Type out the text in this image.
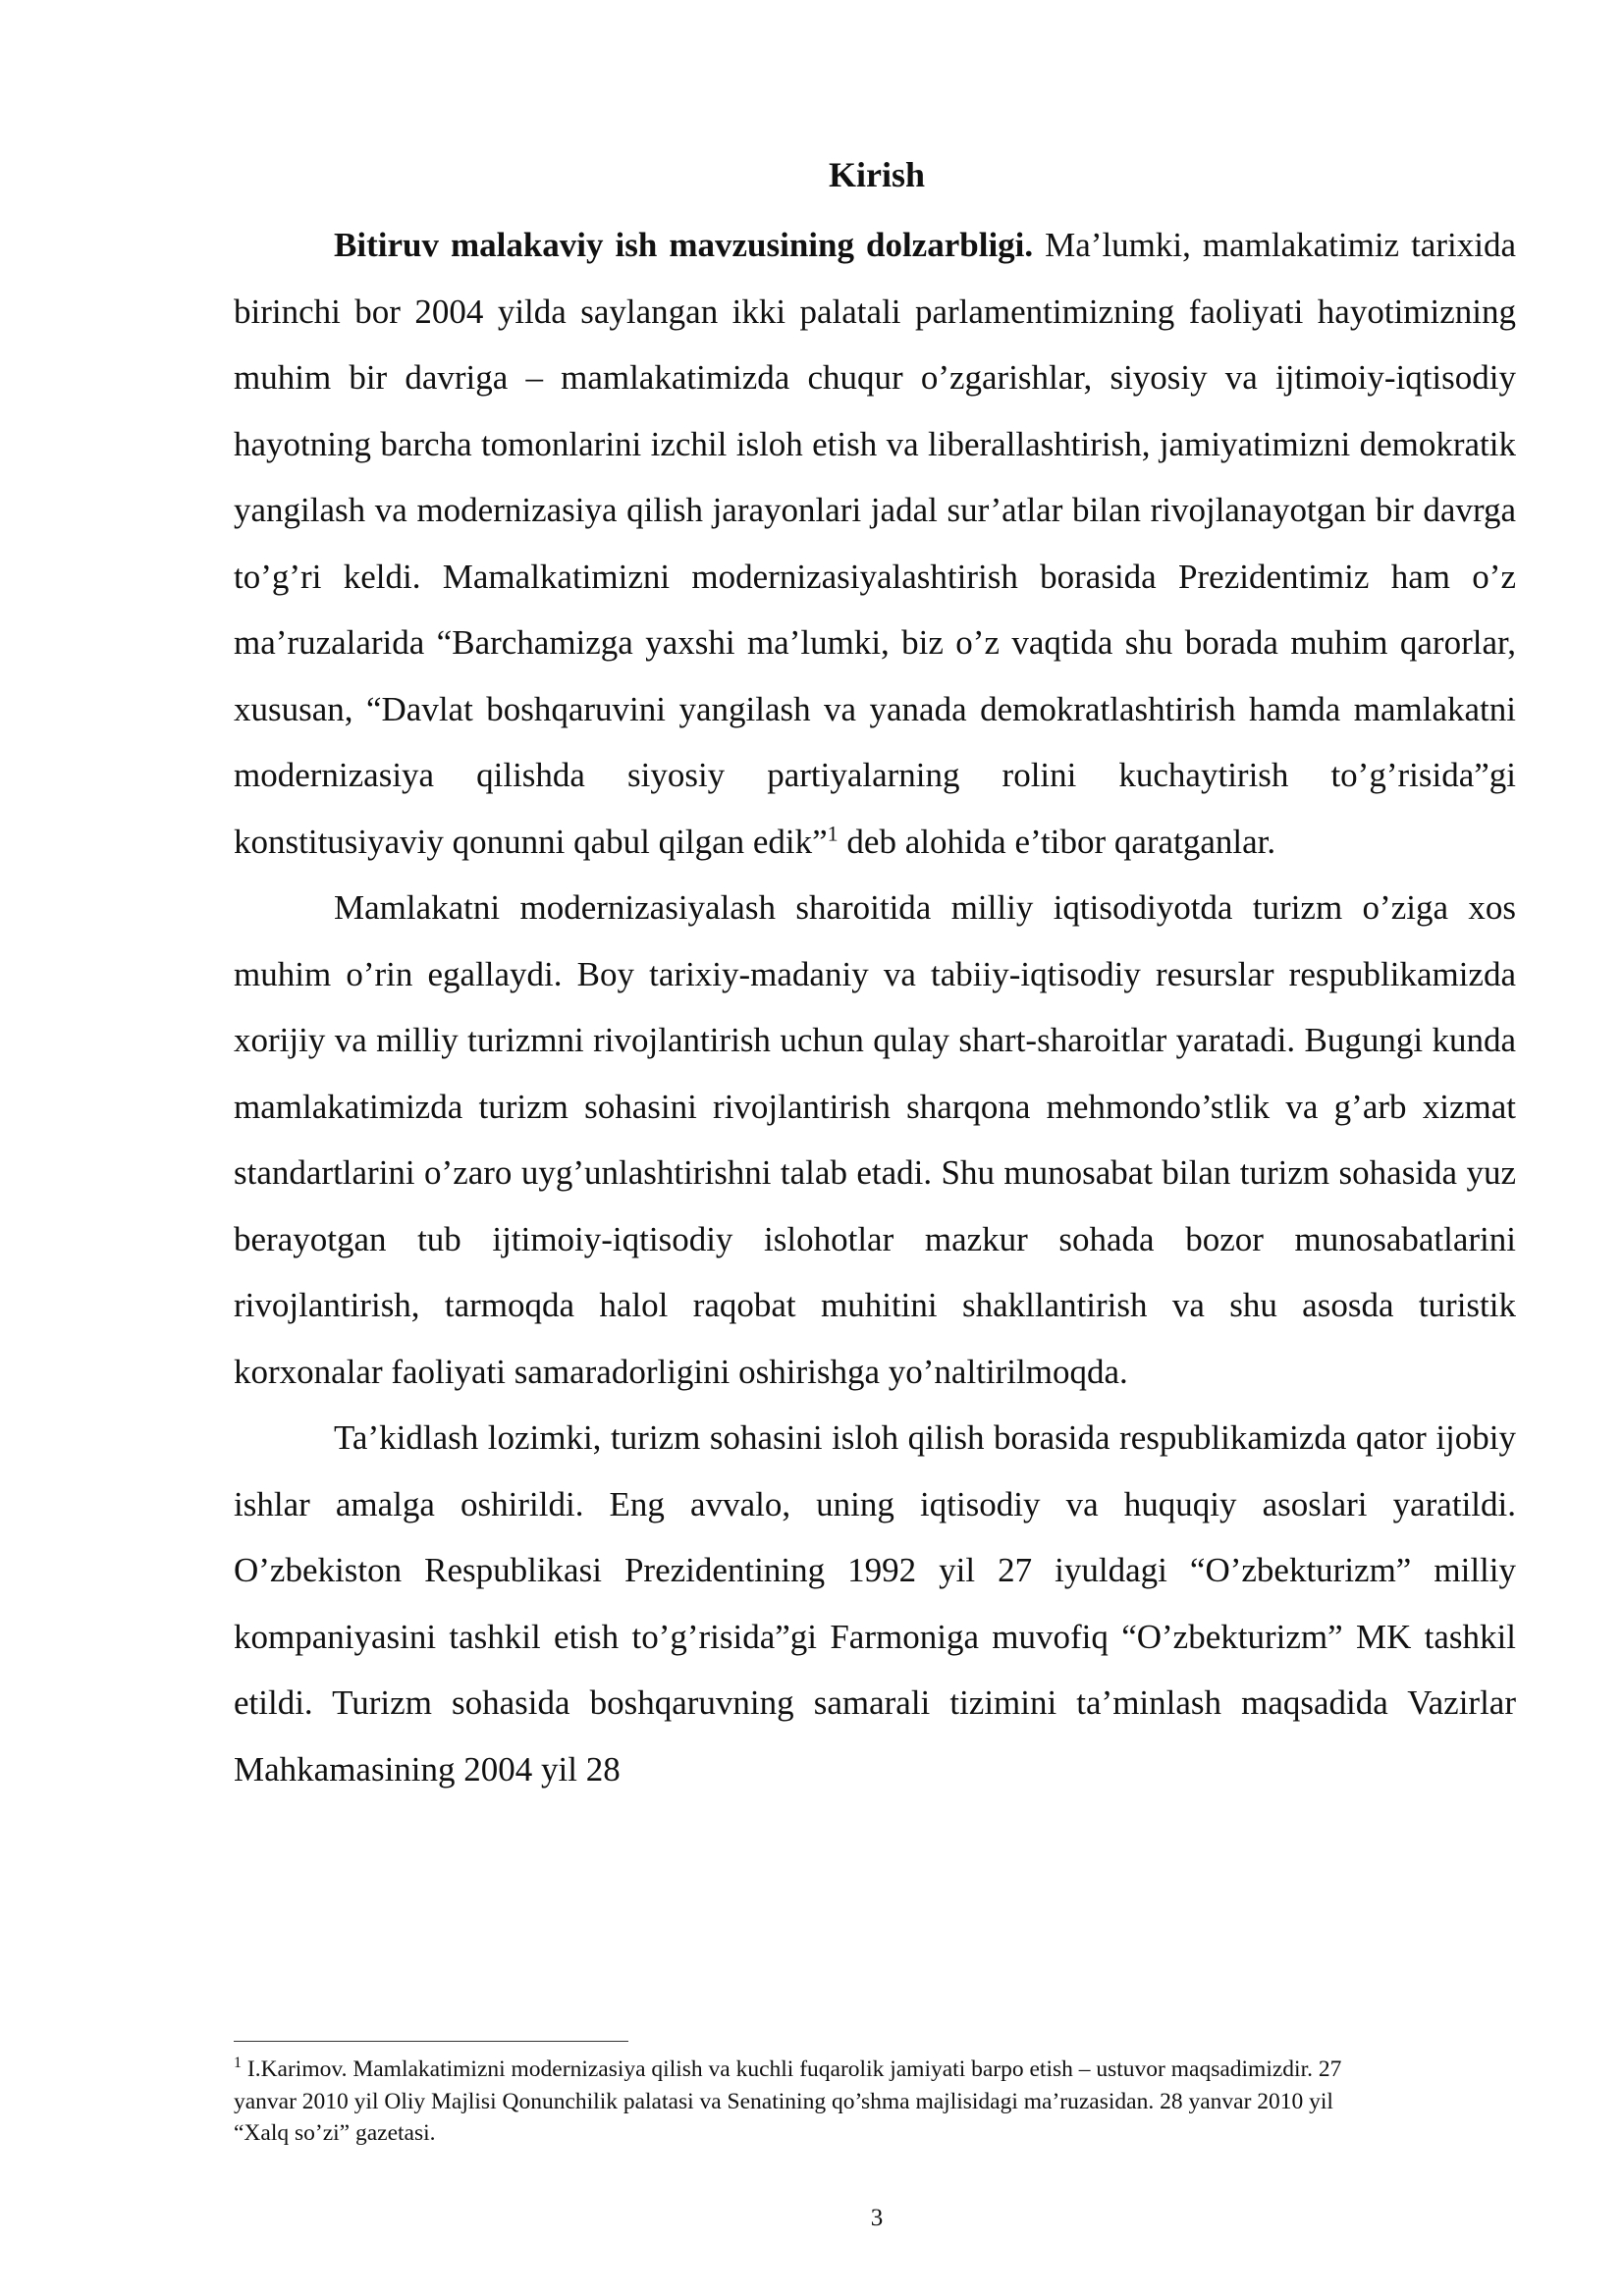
Kirish

Bitiruv malakaviy ish mavzusining dolzarbligi. Ma’lumki, mamlakatimiz tarixida birinchi bor 2004 yilda saylangan ikki palatali parlamentimizning faoliyati hayotimizning muhim bir davriga – mamlakatimizda chuqur o’zgarishlar, siyosiy va ijtimoiy-iqtisodiy hayotning barcha tomonlarini izchil isloh etish va liberallashtirish, jamiyatimizni demokratik yangilash va modernizasiya qilish jarayonlari jadal sur’atlar bilan rivojlanayotgan bir davrga to’g’ri keldi. Mamalkatimizni modernizasiyalashtirish borasida Prezidentimiz ham o’z ma’ruzalarida “Barchamizga yaxshi ma’lumki, biz o’z vaqtida shu borada muhim qarorlar, xususan, “Davlat boshqaruvini yangilash va yanada demokratlashtirish hamda mamlakatni modernizasiya qilishda siyosiy partiyalarning rolini kuchaytirish to’g’risida”gi konstitusiyaviy qonunni qabul qilgan edik”$^1$ deb alohida e’tibor qaratganlar.

Mamlakatni modernizasiyalash sharoitida milliy iqtisodiyotda turizm o’ziga xos muhim o’rin egallaydi. Boy tarixiy-madaniy va tabiiy-iqtisodiy resurslar respublikamizda xorijiy va milliy turizmni rivojlantirish uchun qulay shart-sharoitlar yaratadi. Bugungi kunda mamlakatimizda turizm sohasini rivojlantirish sharqona mehmondo’stlik va g’arb xizmat standartlarini o’zaro uyg’unlashtirishni talab etadi. Shu munosabat bilan turizm sohasida yuz berayotgan tub ijtimoiy-iqtisodiy islohotlar mazkur sohada bozor munosabatlarini rivojlantirish, tarmoqda halol raqobat muhitini shakllantirish va shu asosda turistik korxonalar faoliyati samaradorligini oshirishga yo’naltirilmoqda.

Ta’kidlash lozimki, turizm sohasini isloh qilish borasida respublikamizda qator ijobiy ishlar amalga oshirildi. Eng avvalo, uning iqtisodiy va huquqiy asoslari yaratildi. O’zbekiston Respublikasi Prezidentining 1992 yil 27 iyuldagi “O’zbekturizm” milliy kompaniyasini tashkil etish to’g’risida”gi Farmoniga muvofiq “O’zbekturizm” MK tashkil etildi. Turizm sohasida boshqaruvning samarali tizimini ta’minlash maqsadida Vazirlar Mahkamasining 2004 yil 28

$^1$ I.Karimov. Mamlakatimizni modernizasiya qilish va kuchli fuqarolik jamiyati barpo etish – ustuvor maqsadimizdir. 27 yanvar 2010 yil Oliy Majlisi Qonunchilik palatasi va Senatining qo’shma majlisidagi ma’ruzasidan. 28 yanvar 2010 yil “Xalq so’zi” gazetasi.
3
